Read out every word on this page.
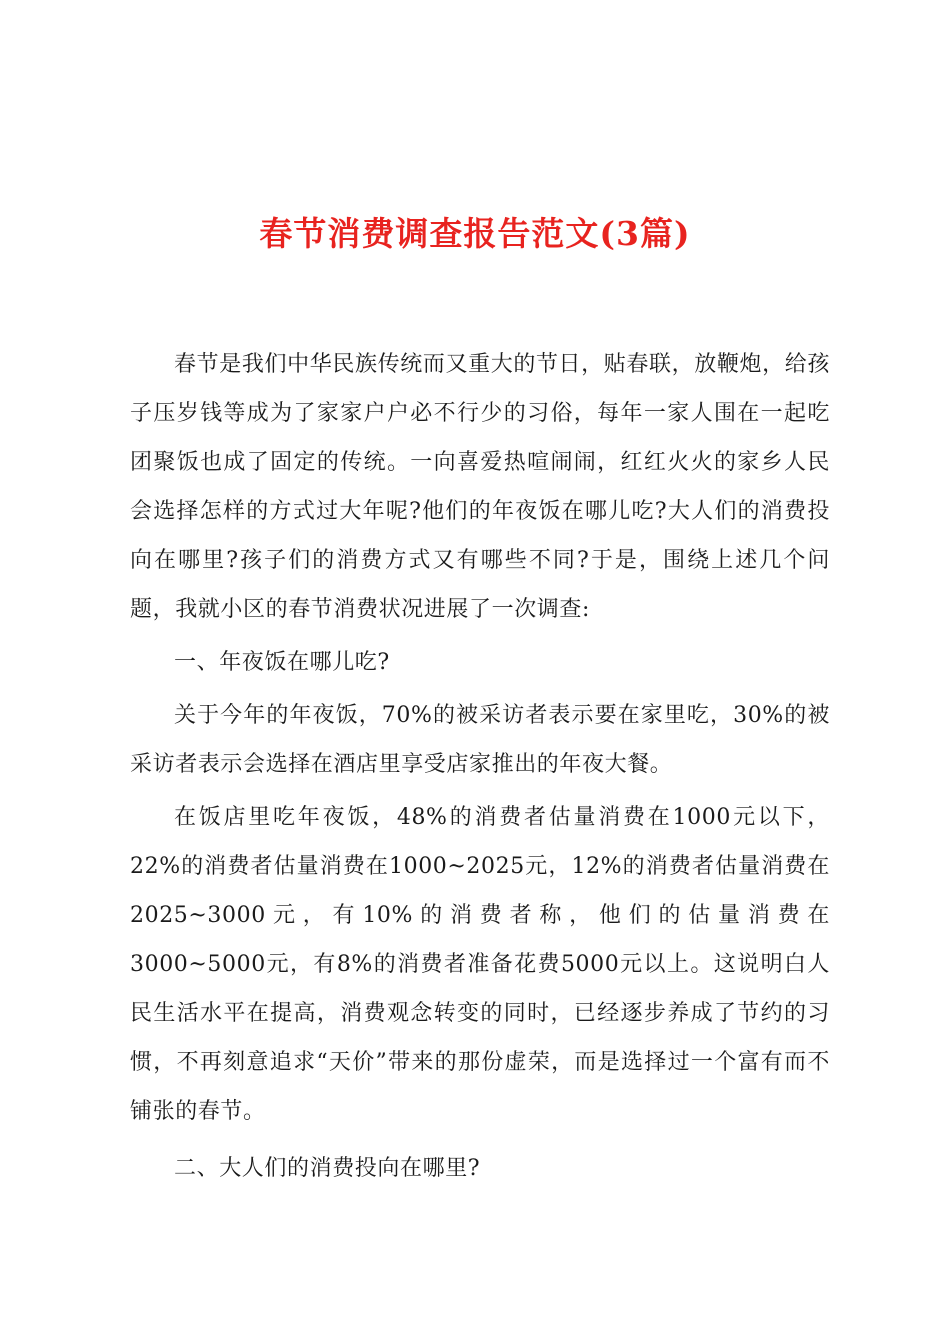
春节消费调查报告范文(3篇)

春节是我们中华民族传统而又重大的节日，贴春联，放鞭炮，给孩子压岁钱等成为了家家户户必不行少的习俗，每年一家人围在一起吃团聚饭也成了固定的传统。一向喜爱热喧闹闹，红红火火的家乡人民会选择怎样的方式过大年呢?他们的年夜饭在哪儿吃?大人们的消费投向在哪里?孩子们的消费方式又有哪些不同?于是，围绕上述几个问题，我就小区的春节消费状况进展了一次调查:

一、年夜饭在哪儿吃?

关于今年的年夜饭，70%的被采访者表示要在家里吃，30%的被采访者表示会选择在酒店里享受店家推出的年夜大餐。

在饭店里吃年夜饭，48%的消费者估量消费在1000元以下，22%的消费者估量消费在1000~2025元，12%的消费者估量消费在2025~3000元，有10%的消费者称，他们的估量消费在3000~5000元，有8%的消费者准备花费5000元以上。这说明白人民生活水平在提高，消费观念转变的同时，已经逐步养成了节约的习惯，不再刻意追求“天价”带来的那份虚荣，而是选择过一个富有而不铺张的春节。

二、大人们的消费投向在哪里?
